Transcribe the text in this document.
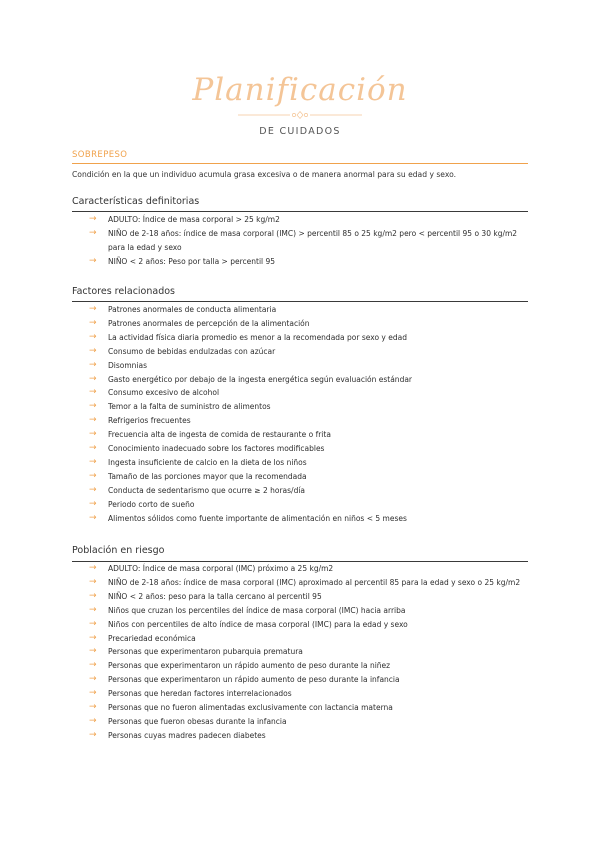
Planificación
DE CUIDADOS
SOBREPESO
Condición en la que un individuo acumula grasa excesiva o de manera anormal para su edad y sexo.
Características definitorias
→ ADULTO: Índice de masa corporal > 25 kg/m2
→ NIÑO de 2-18 años: índice de masa corporal (IMC) > percentil 85 o 25 kg/m2 pero < percentil 95 o 30 kg/m2 para la edad y sexo
→ NIÑO < 2 años: Peso por talla > percentil 95
Factores relacionados
→ Patrones anormales de conducta alimentaria
→ Patrones anormales de percepción de la alimentación
→ La actividad física diaria promedio es menor a la recomendada por sexo y edad
→ Consumo de bebidas endulzadas con azúcar
→ Disomnias
→ Gasto energético por debajo de la ingesta energética según evaluación estándar
→ Consumo excesivo de alcohol
→ Temor a la falta de suministro de alimentos
→ Refrigerios frecuentes
→ Frecuencia alta de ingesta de comida de restaurante o frita
→ Conocimiento inadecuado sobre los factores modificables
→ Ingesta insuficiente de calcio en la dieta de los niños
→ Tamaño de las porciones mayor que la recomendada
→ Conducta de sedentarismo que ocurre ≥ 2 horas/día
→ Periodo corto de sueño
→ Alimentos sólidos como fuente importante de alimentación en niños < 5 meses
Población en riesgo
→ ADULTO: Índice de masa corporal (IMC) próximo a 25 kg/m2
→ NIÑO de 2-18 años: índice de masa corporal (IMC) aproximado al percentil 85 para la edad y sexo o 25 kg/m2
→ NIÑO < 2 años: peso para la talla cercano al percentil 95
→ Niños que cruzan los percentiles del índice de masa corporal (IMC) hacia arriba
→ Niños con percentiles de alto índice de masa corporal (IMC) para la edad y sexo
→ Precariedad económica
→ Personas que experimentaron pubarquia prematura
→ Personas que experimentaron un rápido aumento de peso durante la niñez
→ Personas que experimentaron un rápido aumento de peso durante la infancia
→ Personas que heredan factores interrelacionados
→ Personas que no fueron alimentadas exclusivamente con lactancia materna
→ Personas que fueron obesas durante la infancia
→ Personas cuyas madres padecen diabetes
